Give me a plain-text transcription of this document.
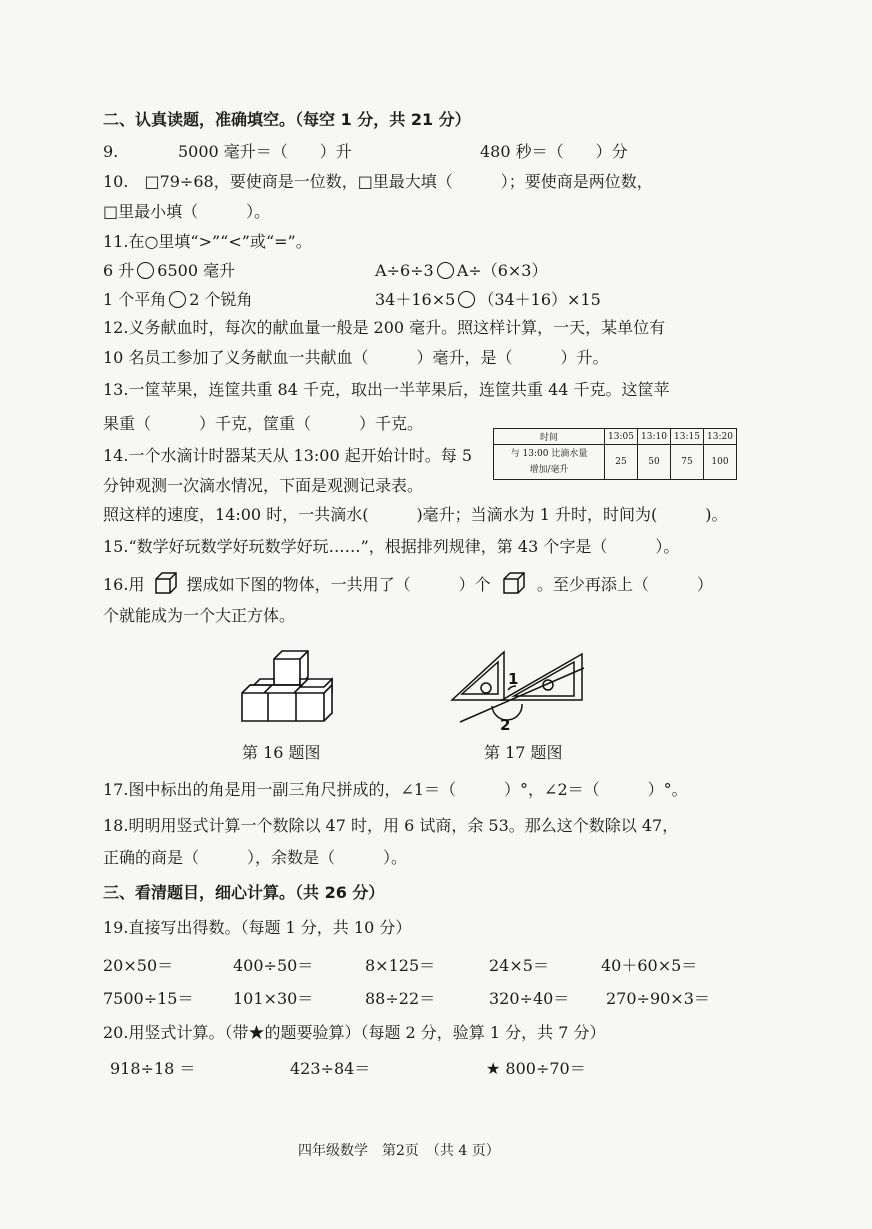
二、认真读题，准确填空。（每空 1 分，共 21 分）
9.	5000 毫升＝（　　）升	480 秒＝（　　）分
10.　□79÷68，要使商是一位数，□里最大填（　　　）；要使商是两位数，
□里最小填（　　　）。
11.在○里填“>”“<”或“=”。
6 升 6500 毫升	A÷6÷3 A÷（6×3）
1 个平角 2 个锐角	34＋16×5 （34＋16）×15
12.义务献血时，每次的献血量一般是 200 毫升。照这样计算，一天，某单位有
10 名员工参加了义务献血一共献血（　　　）毫升，是（　　　）升。
13.一筐苹果，连筐共重 84 千克，取出一半苹果后，连筐共重 44 千克。这筐苹
果重（　　　）千克，筐重（　　　）千克。
14.一个水滴计时器某天从 13:00 起开始计时。每 5
分钟观测一次滴水情况，下面是观测记录表。
时间	13:05	13:10	13:15	13:20

与 13:00 比滴水量
增加/毫升	25	50	75	100
照这样的速度，14:00 时，一共滴水(　　　)毫升；当滴水为 1 升时，时间为(　　　)。
15.“数学好玩数学好玩数学好玩……”，根据排列规律，第 43 个字是（　　　）。
16.用	摆成如下图的物体，一共用了（　　　）个	。至少再添上（　　　）
个就能成为一个大正方体。
第 16 题图
1
2
第 17 题图
17.图中标出的角是用一副三角尺拼成的，∠1＝（　　　）°，∠2＝（　　　）°。
18.明明用竖式计算一个数除以 47 时，用 6 试商，余 53。那么这个数除以 47，
正确的商是（　　　），余数是（　　　）。
三、看清题目，细心计算。（共 26 分）
19.直接写出得数。（每题 1 分，共 10 分）
20×50＝	400÷50＝	8×125＝	24×5＝	40＋60×5＝
7500÷15＝ 101×30＝	88÷22＝	320÷40＝ 270÷90×3＝
20.用竖式计算。（带★的题要验算）（每题 2 分，验算 1 分，共 7 分）
918÷18 ＝	423÷84＝	★ 800÷70＝
四年级数学　第2页　（共 4 页）
